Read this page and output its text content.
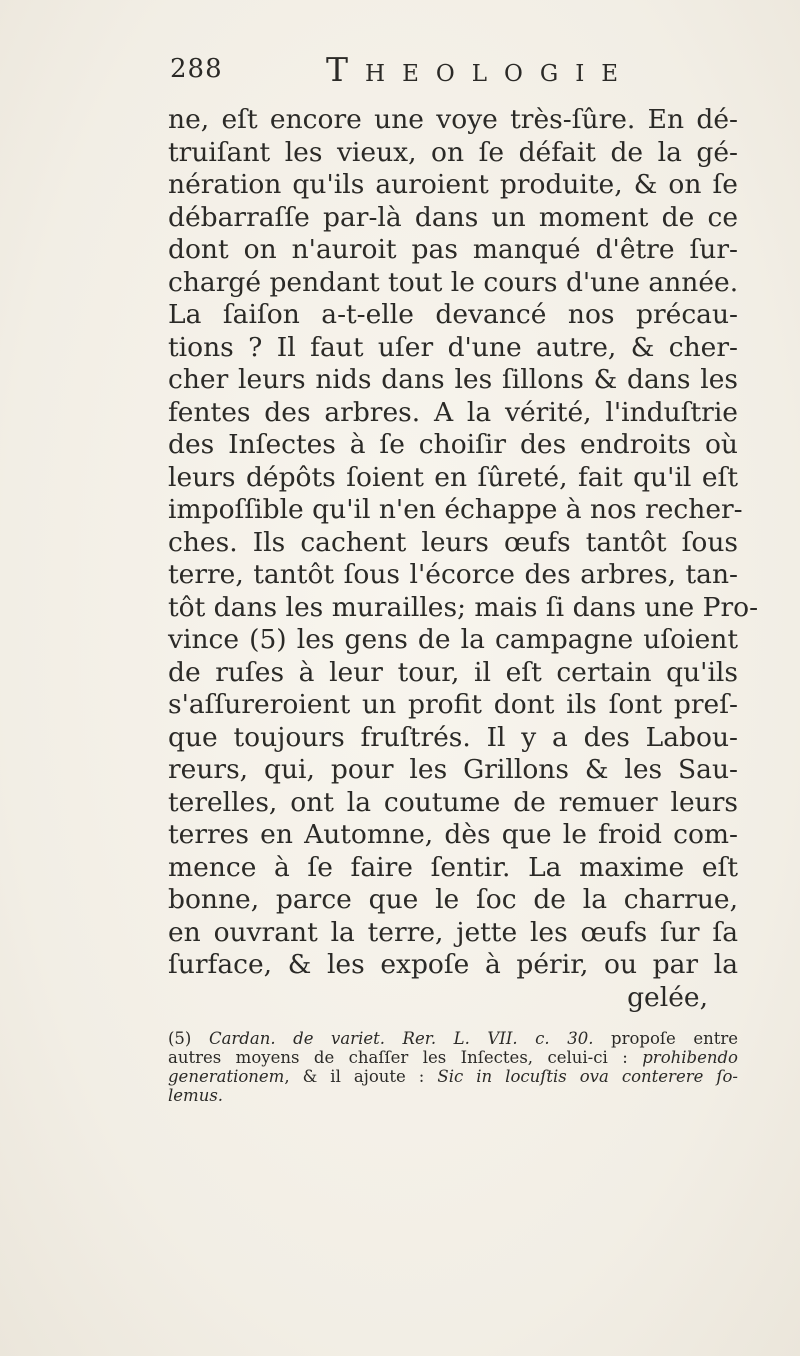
288	Theologie
ne, eſt encore une voye très-ſûre. En dé-
truiſant les vieux, on ſe défait de la gé-
nération qu'ils auroient produite, & on ſe
débarraſſe par-là dans un moment de ce
dont on n'auroit pas manqué d'être ſur-
chargé pendant tout le cours d'une année.
La ſaiſon a-t-elle devancé nos précau-
tions ? Il faut uſer d'une autre, & cher-
cher leurs nids dans les ſillons & dans les
fentes des arbres. A la vérité, l'induſtrie
des Inſectes à ſe choiſir des endroits où
leurs dépôts ſoient en ſûreté, fait qu'il eſt
impoſſible qu'il n'en échappe à nos recher-
ches. Ils cachent leurs œufs tantôt ſous
terre, tantôt ſous l'écorce des arbres, tan-
tôt dans les murailles; mais ſi dans une Pro-
vince (5) les gens de la campagne uſoient
de ruſes à leur tour, il eſt certain qu'ils
s'aſſureroient un profit dont ils ſont preſ-
que toujours fruſtrés. Il y a des Labou-
reurs, qui, pour les Grillons & les Sau-
terelles, ont la coutume de remuer leurs
terres en Automne, dès que le froid com-
mence à ſe faire ſentir. La maxime eſt
bonne, parce que le ſoc de la charrue,
en ouvrant la terre, jette les œufs ſur ſa
ſurface, & les expoſe à périr, ou par la
gelée,
(5) Cardan. de variet. Rer. L. VII. c. 30. propoſe entre
autres moyens de chaſſer les Inſectes, celui-ci : prohibendo
generationem, & il ajoute : Sic in locuſtis ova conterere ſo-
lemus.
